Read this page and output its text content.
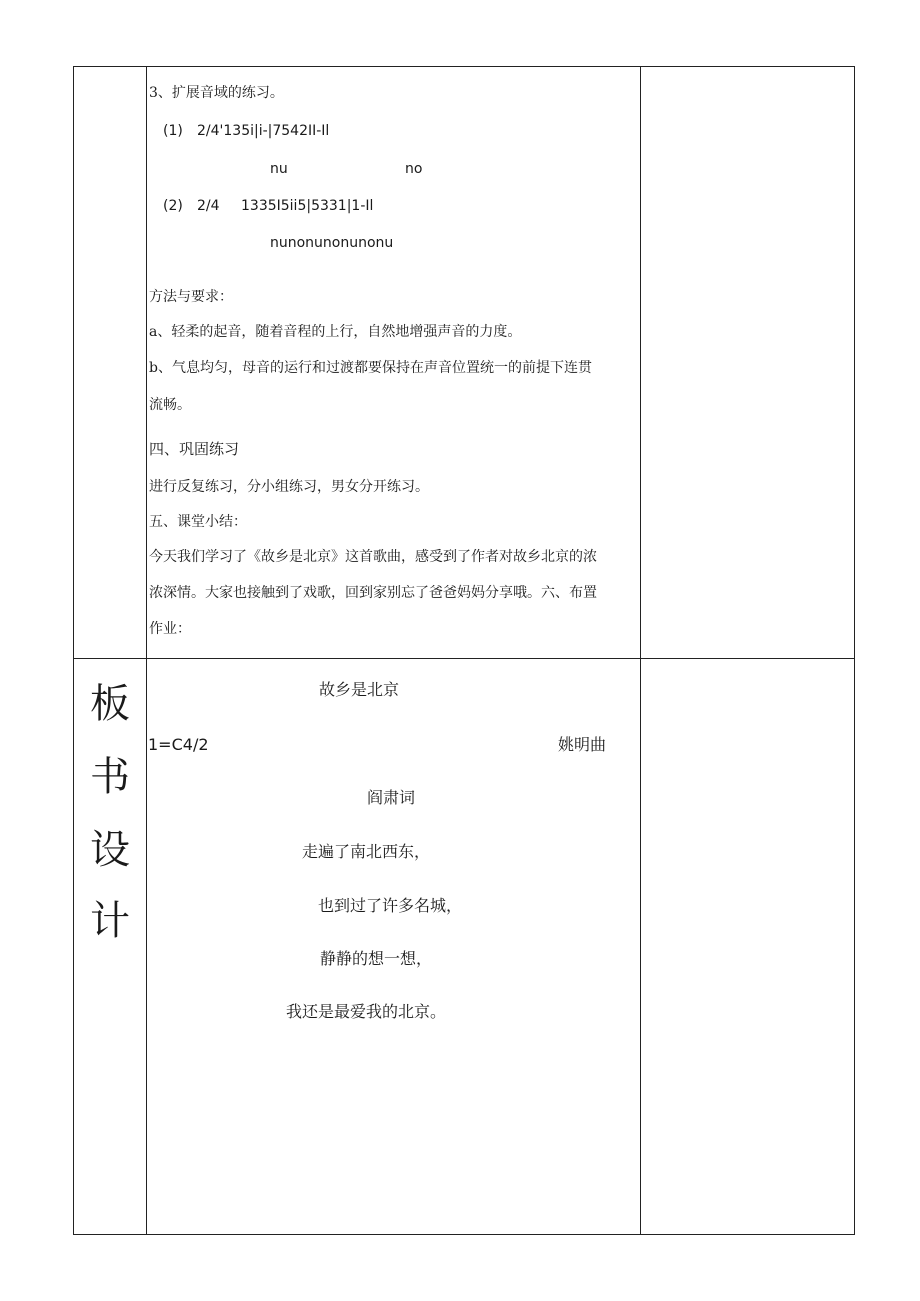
3、扩展音域的练习。
(1) 2/4'135i|i-|7542II-Il
nu	no
(2) 2/4 1335I5ii5|5331|1-Il
nunonunonunonu
方法与要求：
a、轻柔的起音，随着音程的上行，自然地增强声音的力度。
b、气息均匀，母音的运行和过渡都要保持在声音位置统一的前提下连贯
流畅。
四、巩固练习
进行反复练习，分小组练习，男女分开练习。
五、课堂小结：
今天我们学习了《故乡是北京》这首歌曲，感受到了作者对故乡北京的浓
浓深情。大家也接触到了戏歌，回到家别忘了爸爸妈妈分享哦。六、布置
作业：
板
书
设
计
故乡是北京
1=C4/2	姚明曲
阎肃词
走遍了南北西东，
也到过了许多名城，
静静的想一想，
我还是最爱我的北京。
